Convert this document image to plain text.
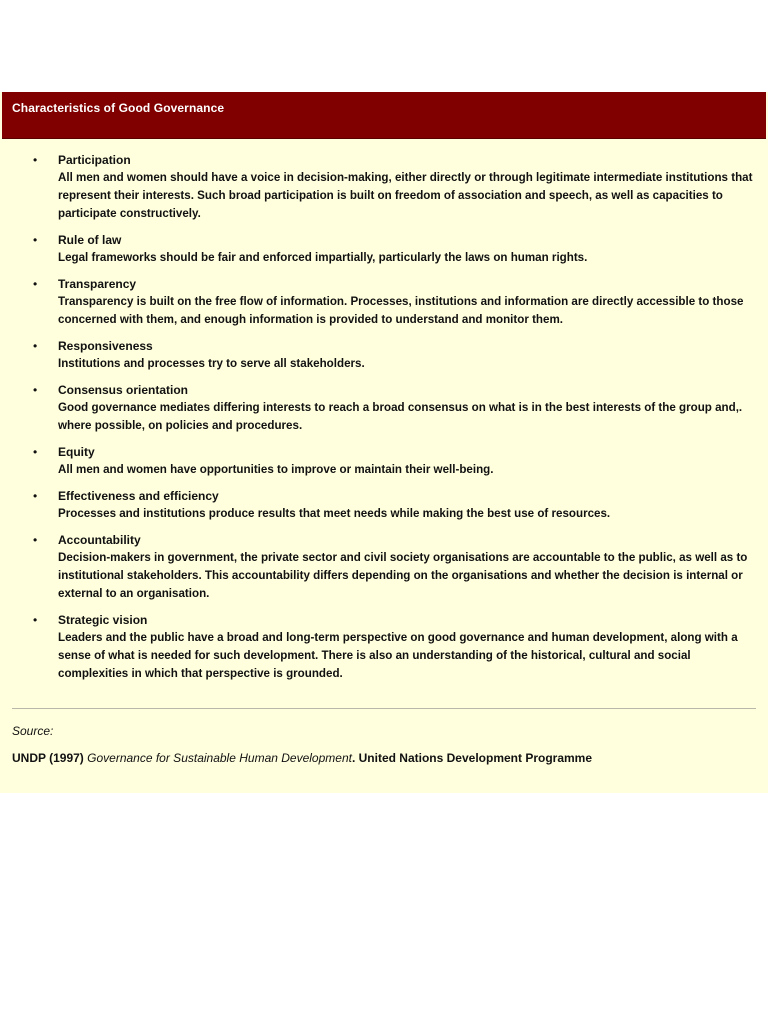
Characteristics of Good Governance
• Participation
All men and women should have a voice in decision-making, either directly or through legitimate intermediate institutions that represent their interests. Such broad participation is built on freedom of association and speech, as well as capacities to participate constructively.
• Rule of law
Legal frameworks should be fair and enforced impartially, particularly the laws on human rights.
• Transparency
Transparency is built on the free flow of information. Processes, institutions and information are directly accessible to those concerned with them, and enough information is provided to understand and monitor them.
• Responsiveness
Institutions and processes try to serve all stakeholders.
• Consensus orientation
Good governance mediates differing interests to reach a broad consensus on what is in the best interests of the group and,. where possible, on policies and procedures.
• Equity
All men and women have opportunities to improve or maintain their well-being.
• Effectiveness and efficiency
Processes and institutions produce results that meet needs while making the best use of resources.
• Accountability
Decision-makers in government, the private sector and civil society organisations are accountable to the public, as well as to institutional stakeholders. This accountability differs depending on the organisations and whether the decision is internal or external to an organisation.
• Strategic vision
Leaders and the public have a broad and long-term perspective on good governance and human development, along with a sense of what is needed for such development. There is also an understanding of the historical, cultural and social complexities in which that perspective is grounded.
Source:
UNDP (1997) Governance for Sustainable Human Development. United Nations Development Programme
